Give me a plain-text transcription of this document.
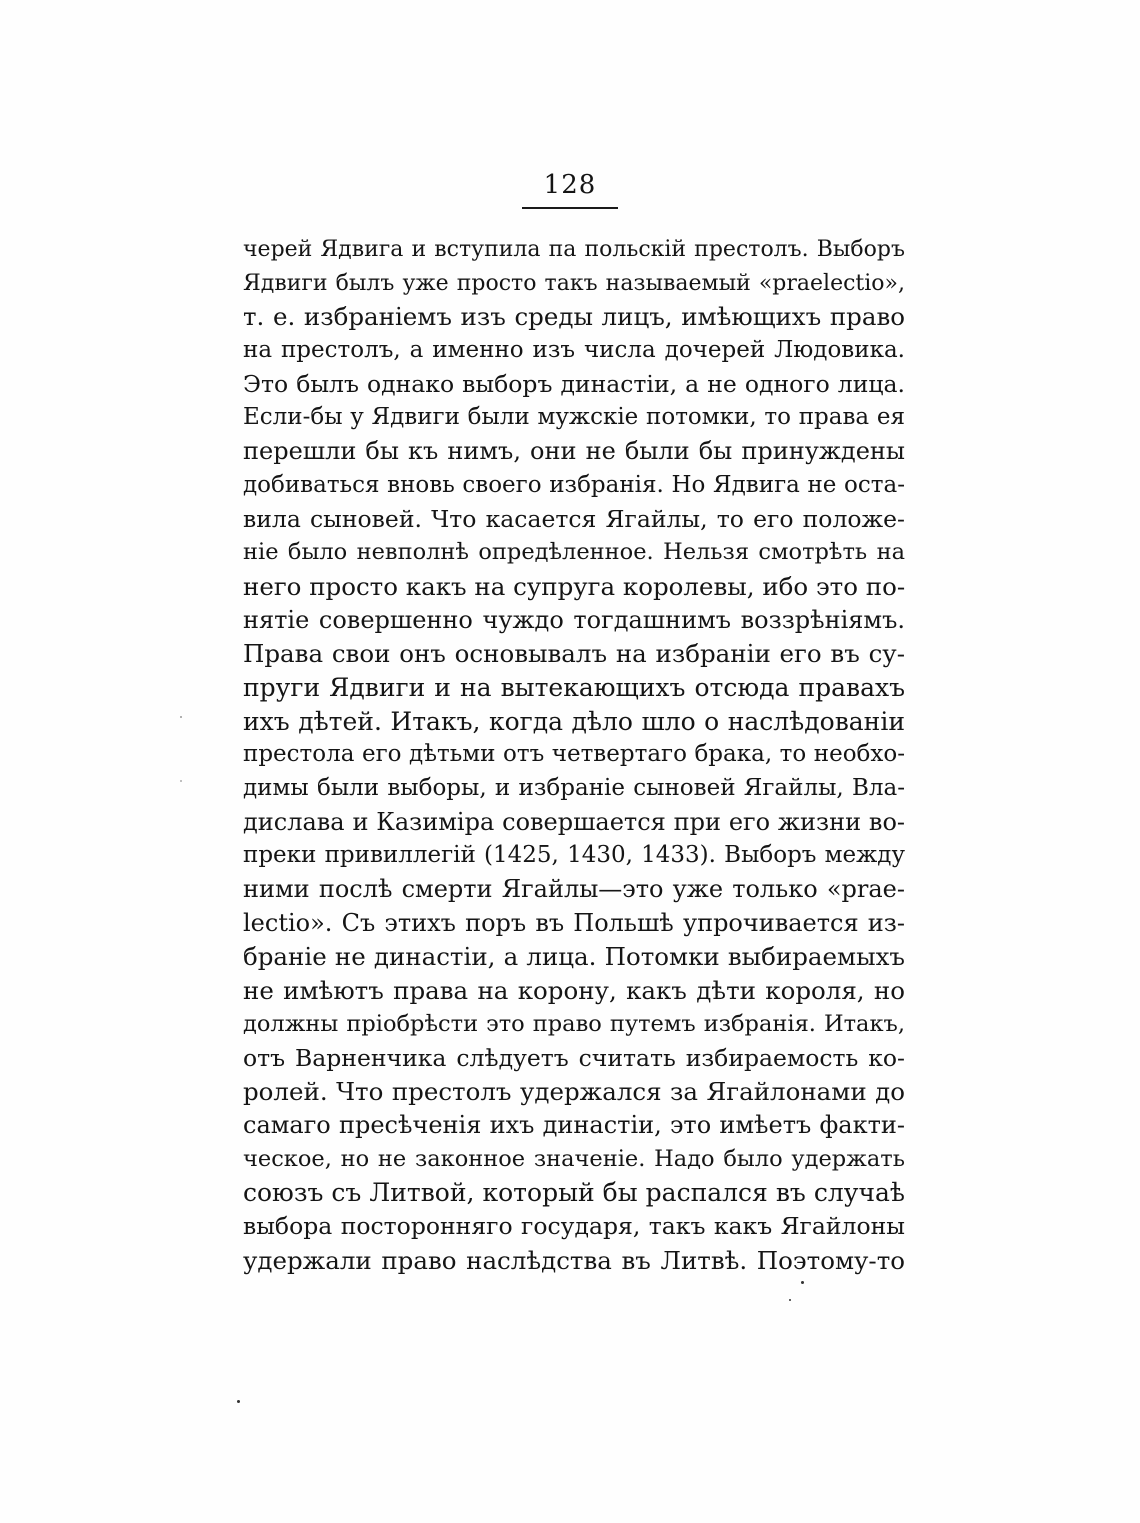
128
черей Ядвига и вступила па польскій престолъ. Выборъ
Ядвиги былъ уже просто такъ называемый «praelectio»,
т. е. избраніемъ изъ среды лицъ, имѣющихъ право
на престолъ, а именно изъ числа дочерей Людовика.
Это былъ однако выборъ династіи, а не одного лица.
Если-бы у Ядвиги были мужскіе потомки, то права ея
перешли бы къ нимъ, они не были бы принуждены
добиваться вновь своего избранія. Но Ядвига не оста-
вила сыновей. Что касается Ягайлы, то его положе-
ніе было невполнѣ опредѣленное. Нельзя смотрѣть на
него просто какъ на супруга королевы, ибо это по-
нятіе совершенно чуждо тогдашнимъ воззрѣніямъ.
Права свои онъ основывалъ на избраніи его въ су-
пруги Ядвиги и на вытекающихъ отсюда правахъ
ихъ дѣтей. Итакъ, когда дѣло шло о наслѣдованіи
престола его дѣтьми отъ четвертаго брака, то необхо-
димы были выборы, и избраніе сыновей Ягайлы, Вла-
дислава и Казиміра совершается при его жизни во-
преки привиллегій (1425, 1430, 1433). Выборъ между
ними послѣ смерти Ягайлы—это уже только «prae-
lectio». Съ этихъ поръ въ Польшѣ упрочивается из-
браніе не династіи, а лица. Потомки выбираемыхъ
не имѣютъ права на корону, какъ дѣти короля, но
должны пріобрѣсти это право путемъ избранія. Итакъ,
отъ Варненчика слѣдуетъ считать избираемость ко-
ролей. Что престолъ удержался за Ягайлонами до
самаго пресѣченія ихъ династіи, это имѣетъ факти-
ческое, но не законное значеніе. Надо было удержать
союзъ съ Литвой, который бы распался въ случаѣ
выбора посторонняго государя, такъ какъ Ягайлоны
удержали право наслѣдства въ Литвѣ. Поэтому-то
